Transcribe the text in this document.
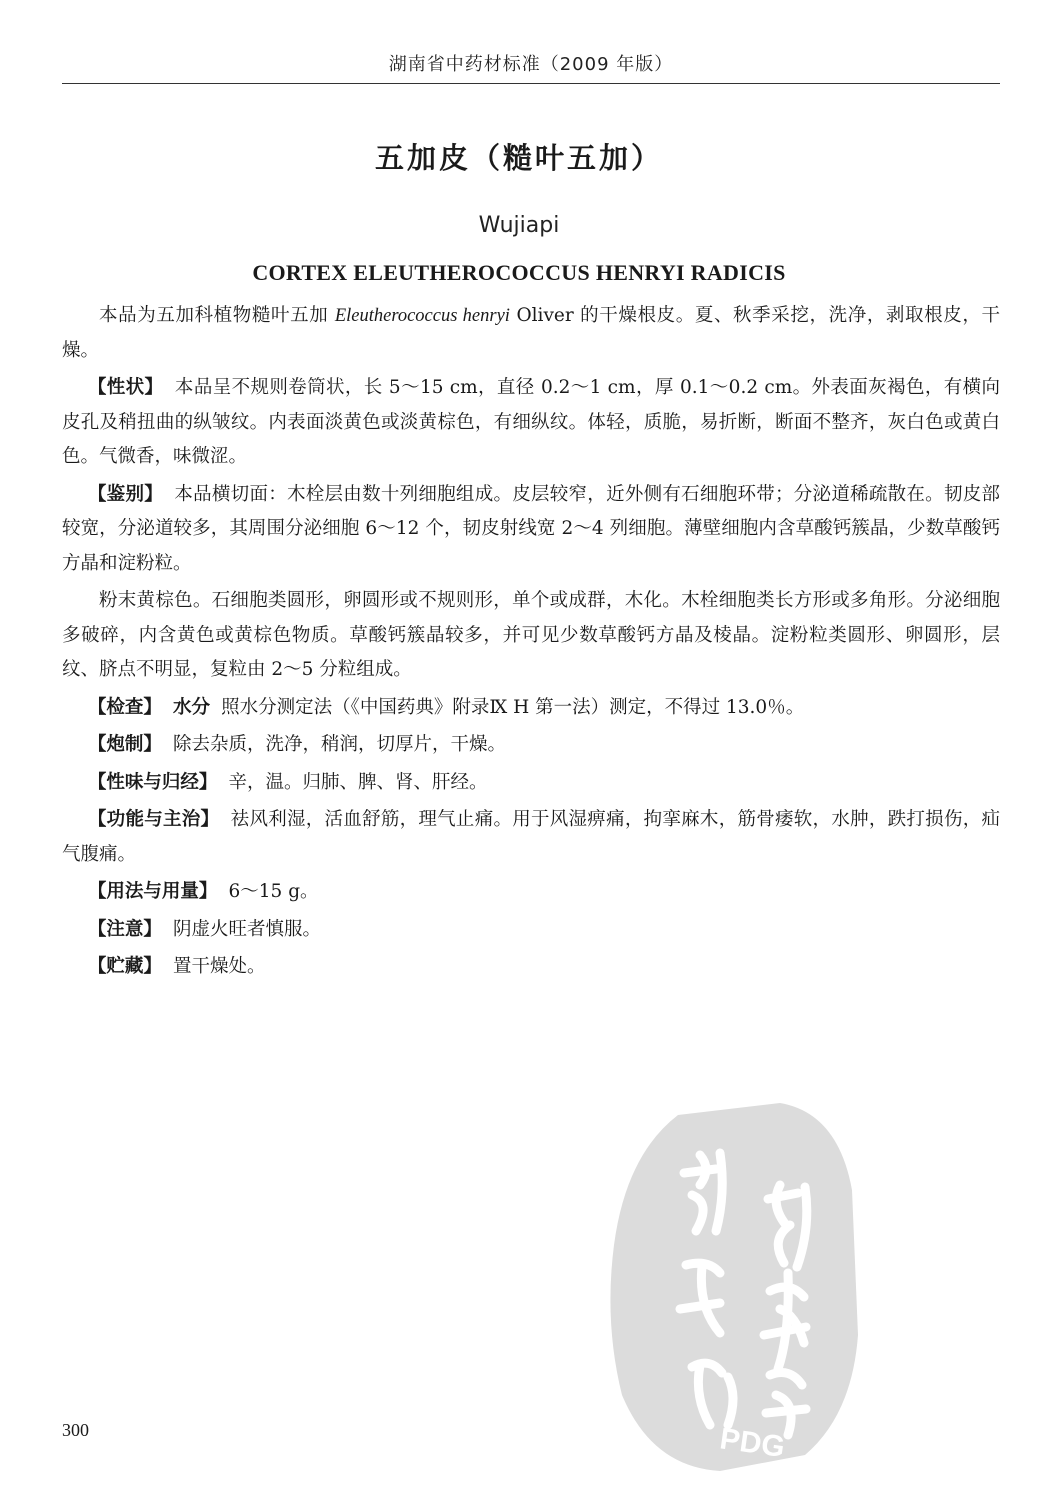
湖南省中药材标准（2009 年版）
五加皮（糙叶五加）
Wujiapi
CORTEX ELEUTHEROCOCCUS HENRYI RADICIS

本品为五加科植物糙叶五加 Eleutherococcus henryi Oliver 的干燥根皮。夏、秋季采挖，洗净，剥取根皮，干燥。

【性状】 本品呈不规则卷筒状，长 5～15 cm，直径 0.2～1 cm，厚 0.1～0.2 cm。外表面灰褐色，有横向皮孔及稍扭曲的纵皱纹。内表面淡黄色或淡黄棕色，有细纵纹。体轻，质脆，易折断，断面不整齐，灰白色或黄白色。气微香，味微涩。

【鉴别】 本品横切面：木栓层由数十列细胞组成。皮层较窄，近外侧有石细胞环带；分泌道稀疏散在。韧皮部较宽，分泌道较多，其周围分泌细胞 6～12 个，韧皮射线宽 2～4 列细胞。薄壁细胞内含草酸钙簇晶，少数草酸钙方晶和淀粉粒。

粉末黄棕色。石细胞类圆形，卵圆形或不规则形，单个或成群，木化。木栓细胞类长方形或多角形。分泌细胞多破碎，内含黄色或黄棕色物质。草酸钙簇晶较多，并可见少数草酸钙方晶及棱晶。淀粉粒类圆形、卵圆形，层纹、脐点不明显，复粒由 2～5 分粒组成。

【检查】 水分 照水分测定法（《中国药典》附录Ⅸ H 第一法）测定，不得过 13.0％。

【炮制】 除去杂质，洗净，稍润，切厚片，干燥。

【性味与归经】 辛，温。归肺、脾、肾、肝经。

【功能与主治】 祛风利湿，活血舒筋，理气止痛。用于风湿痹痛，拘挛麻木，筋骨痿软，水肿，跌打损伤，疝气腹痛。

【用法与用量】 6～15 g。

【注意】 阴虚火旺者慎服。

【贮藏】 置干燥处。

300	PDG
